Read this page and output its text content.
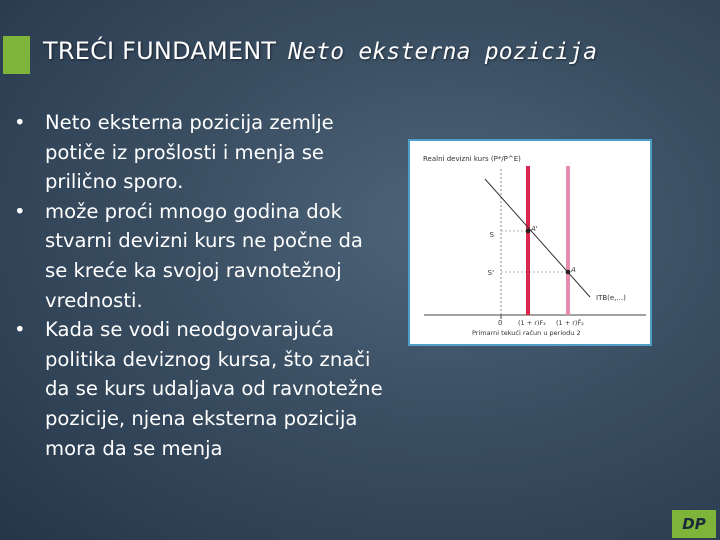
TREĆI FUNDAMENT Neto eksterna pozicija
• Neto eksterna pozicija zemlje potiče iz prošlosti i menja se prilično sporo.
• može proći mnogo godina dok stvarni devizni kurs ne počne da se kreće ka svojoj ravnotežnoj vrednosti.
• Kada se vodi neodgovarajuća politika deviznog kursa, što znači da se kurs udaljava od ravnotežne pozicije, njena eksterna pozicija mora da se menja
Realni devizni kurs (P*/P^E)
S
S'
A'
A
ITB(e,...)
0 (1 + r)F₂ (1 + r)F̄₂
Primarni tekući račun u periodu 2
DP
